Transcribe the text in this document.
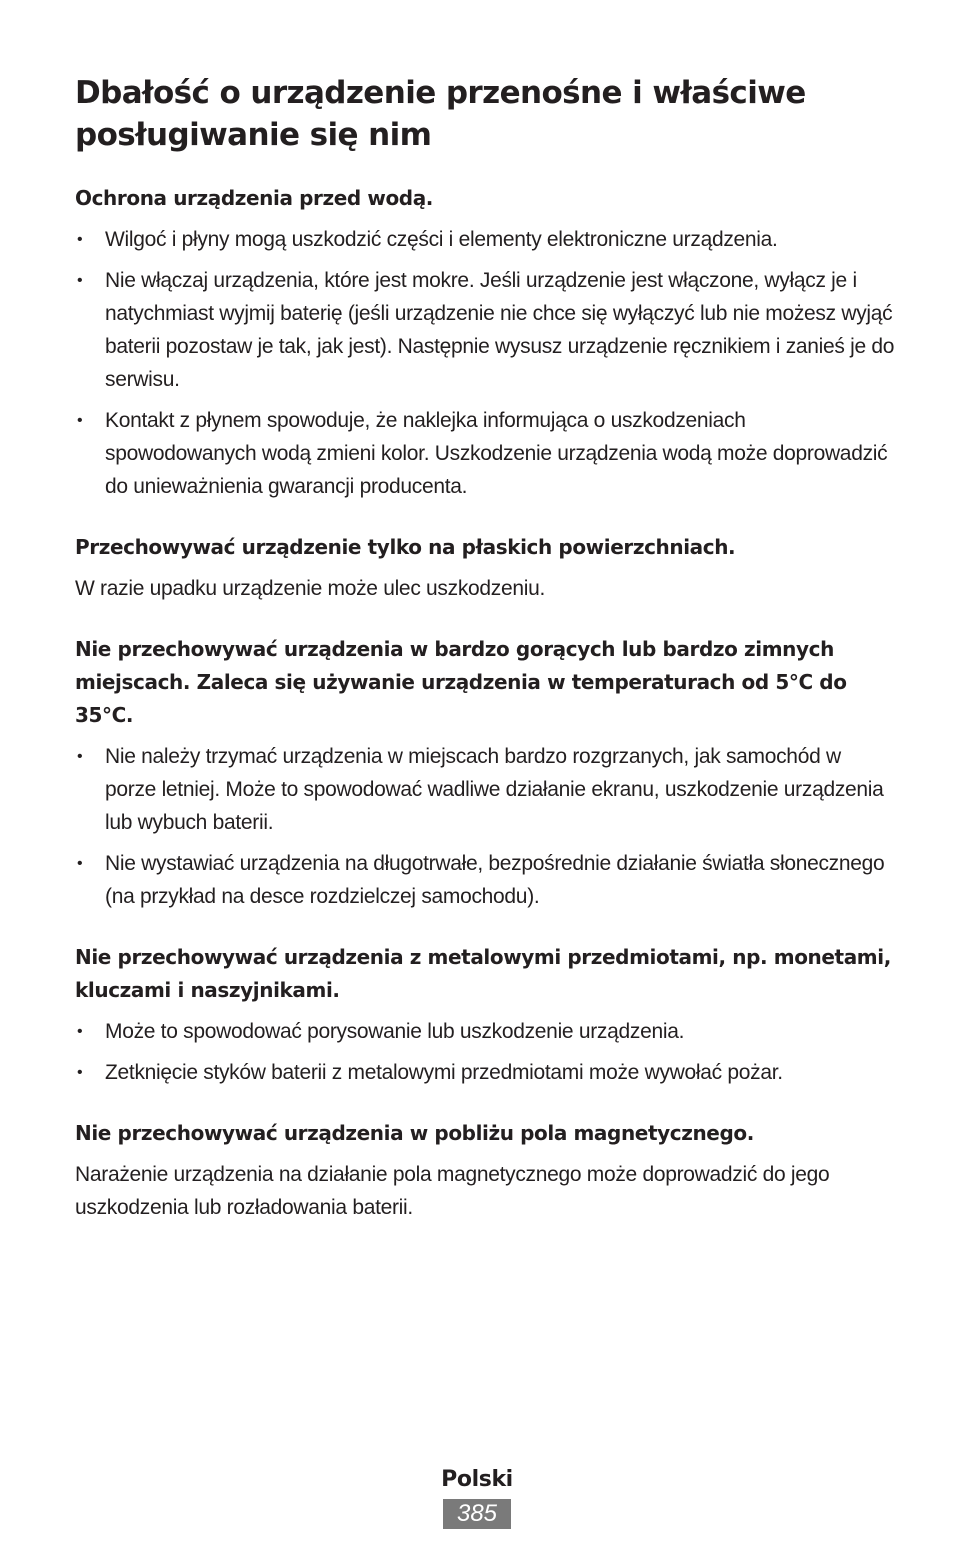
Dbałość o urządzenie przenośne i właściwe posługiwanie się nim

Ochrona urządzenia przed wodą.

• Wilgoć i płyny mogą uszkodzić części i elementy elektroniczne urządzenia.
• Nie włączaj urządzenia, które jest mokre. Jeśli urządzenie jest włączone, wyłącz je i natychmiast wyjmij baterię (jeśli urządzenie nie chce się wyłączyć lub nie możesz wyjąć baterii pozostaw je tak, jak jest). Następnie wysusz urządzenie ręcznikiem i zanieś je do serwisu.
• Kontakt z płynem spowoduje, że naklejka informująca o uszkodzeniach spowodowanych wodą zmieni kolor. Uszkodzenie urządzenia wodą może doprowadzić do unieważnienia gwarancji producenta.

Przechowywać urządzenie tylko na płaskich powierzchniach.

W razie upadku urządzenie może ulec uszkodzeniu.

Nie przechowywać urządzenia w bardzo gorących lub bardzo zimnych miejscach. Zaleca się używanie urządzenia w temperaturach od 5°C do 35°C.

• Nie należy trzymać urządzenia w miejscach bardzo rozgrzanych, jak samochód w porze letniej. Może to spowodować wadliwe działanie ekranu, uszkodzenie urządzenia lub wybuch baterii.
• Nie wystawiać urządzenia na długotrwałe, bezpośrednie działanie światła słonecznego (na przykład na desce rozdzielczej samochodu).

Nie przechowywać urządzenia z metalowymi przedmiotami, np. monetami, kluczami i naszyjnikami.

• Może to spowodować porysowanie lub uszkodzenie urządzenia.
• Zetknięcie styków baterii z metalowymi przedmiotami może wywołać pożar.

Nie przechowywać urządzenia w pobliżu pola magnetycznego.

Narażenie urządzenia na działanie pola magnetycznego może doprowadzić do jego uszkodzenia lub rozładowania baterii.

Polski
385
